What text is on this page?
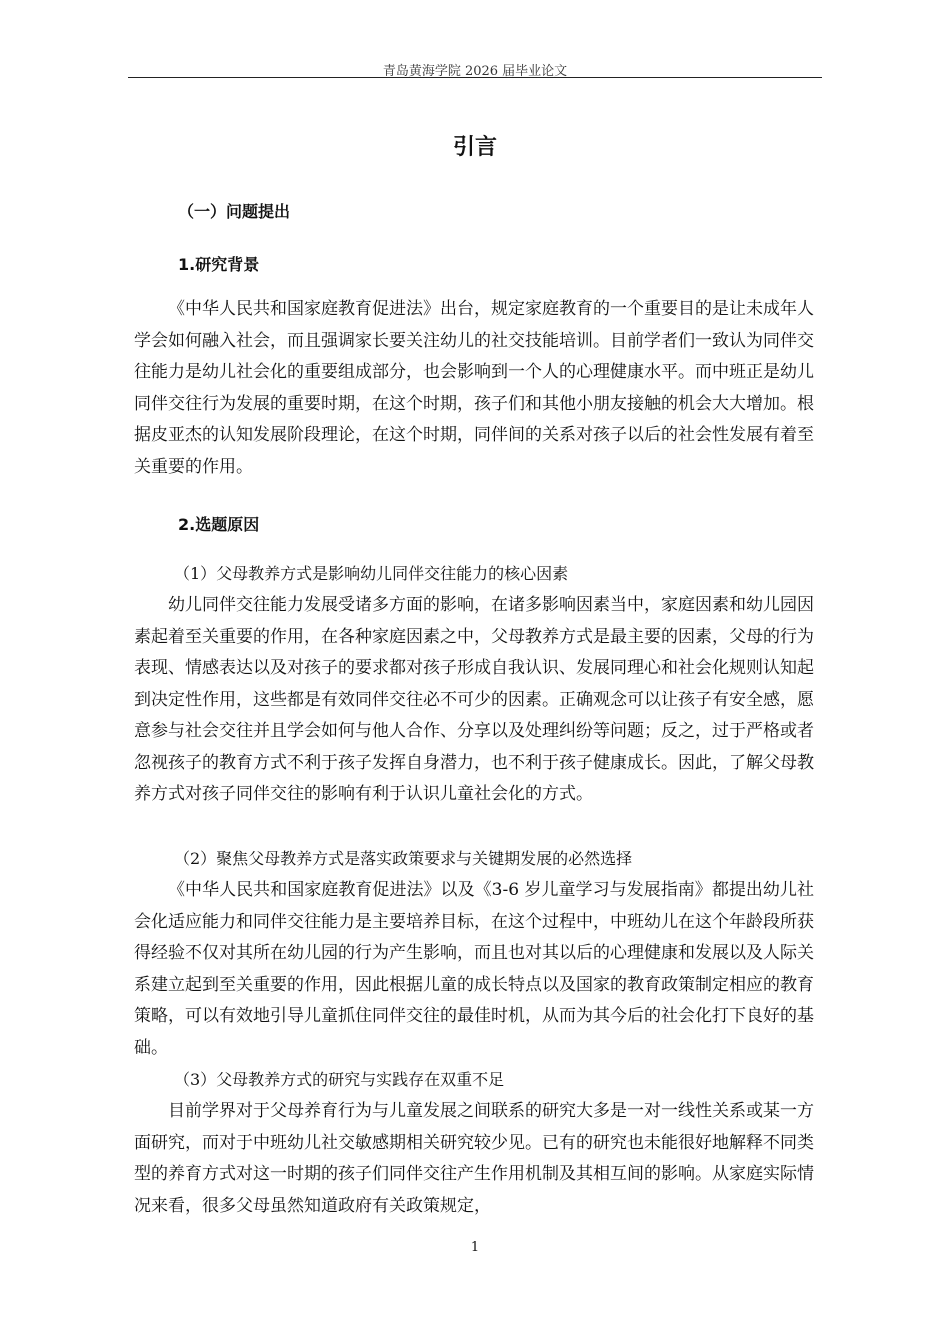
青岛黄海学院 2026 届毕业论文
引言
（一）问题提出
1.研究背景

《中华人民共和国家庭教育促进法》出台，规定家庭教育的一个重要目的是让未成年人学会如何融入社会，而且强调家长要关注幼儿的社交技能培训。目前学者们一致认为同伴交往能力是幼儿社会化的重要组成部分，也会影响到一个人的心理健康水平。而中班正是幼儿同伴交往行为发展的重要时期，在这个时期，孩子们和其他小朋友接触的机会大大增加。根据皮亚杰的认知发展阶段理论，在这个时期，同伴间的关系对孩子以后的社会性发展有着至关重要的作用。

2.选题原因
（1）父母教养方式是影响幼儿同伴交往能力的核心因素

幼儿同伴交往能力发展受诸多方面的影响，在诸多影响因素当中，家庭因素和幼儿园因素起着至关重要的作用，在各种家庭因素之中，父母教养方式是最主要的因素，父母的行为表现、情感表达以及对孩子的要求都对孩子形成自我认识、发展同理心和社会化规则认知起到决定性作用，这些都是有效同伴交往必不可少的因素。正确观念可以让孩子有安全感，愿意参与社会交往并且学会如何与他人合作、分享以及处理纠纷等问题；反之，过于严格或者忽视孩子的教育方式不利于孩子发挥自身潜力，也不利于孩子健康成长。因此，了解父母教养方式对孩子同伴交往的影响有利于认识儿童社会化的方式。

（2）聚焦父母教养方式是落实政策要求与关键期发展的必然选择

《中华人民共和国家庭教育促进法》以及《3-6 岁儿童学习与发展指南》都提出幼儿社会化适应能力和同伴交往能力是主要培养目标，在这个过程中，中班幼儿在这个年龄段所获得经验不仅对其所在幼儿园的行为产生影响，而且也对其以后的心理健康和发展以及人际关系建立起到至关重要的作用，因此根据儿童的成长特点以及国家的教育政策制定相应的教育策略，可以有效地引导儿童抓住同伴交往的最佳时机，从而为其今后的社会化打下良好的基础。

（3）父母教养方式的研究与实践存在双重不足

目前学界对于父母养育行为与儿童发展之间联系的研究大多是一对一线性关系或某一方面研究，而对于中班幼儿社交敏感期相关研究较少见。已有的研究也未能很好地解释不同类型的养育方式对这一时期的孩子们同伴交往产生作用机制及其相互间的影响。从家庭实际情况来看，很多父母虽然知道政府有关政策规定，

1
